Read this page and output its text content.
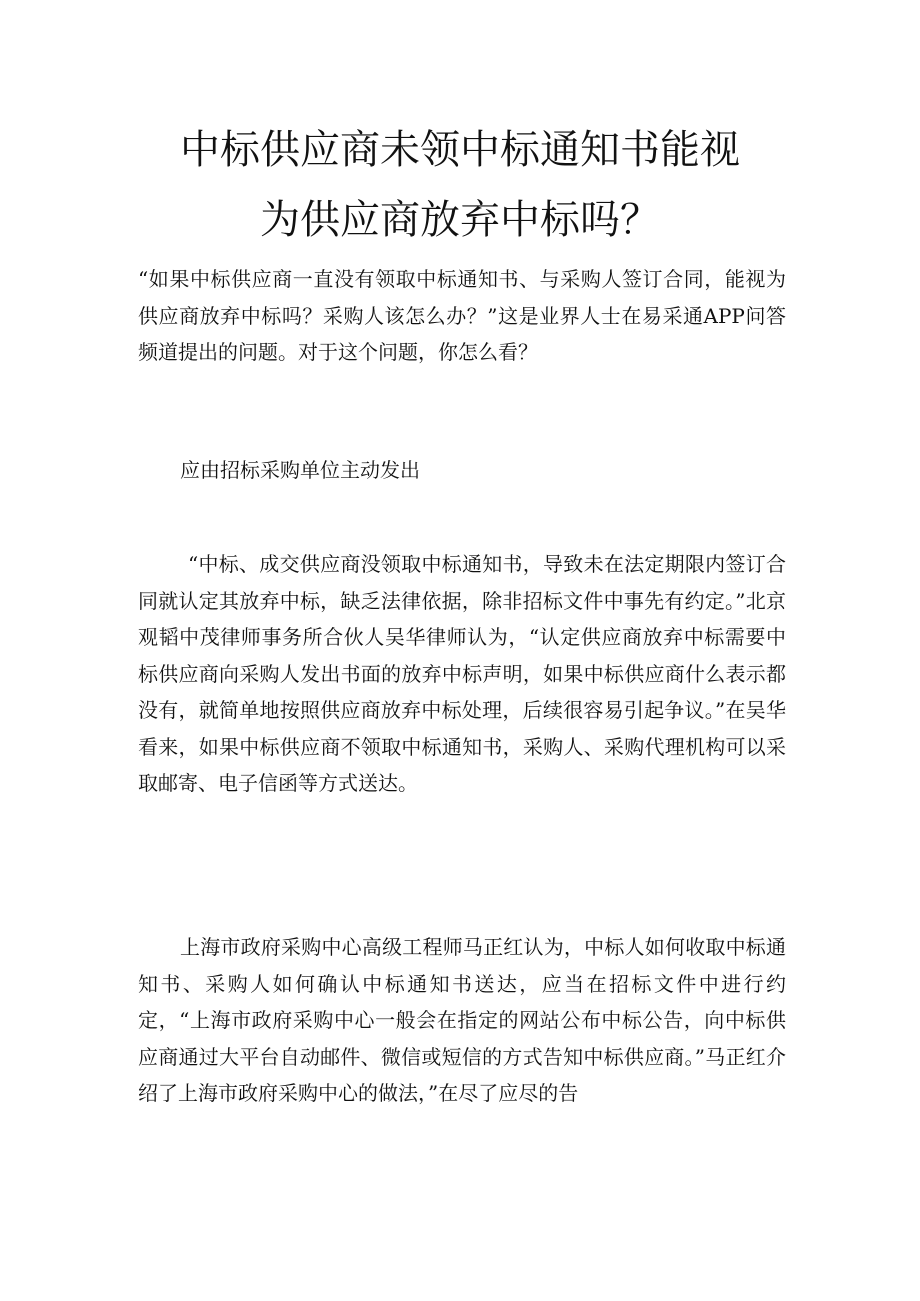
中标供应商未领中标通知书能视
为供应商放弃中标吗？

“如果中标供应商一直没有领取中标通知书、与采购人签订合同，能视为供应商放弃中标吗？采购人该怎么办？”这是业界人士在易采通APP问答频道提出的问题。对于这个问题，你怎么看？

应由招标采购单位主动发出

“中标、成交供应商没领取中标通知书，导致未在法定期限内签订合同就认定其放弃中标，缺乏法律依据，除非招标文件中事先有约定。”北京观韬中茂律师事务所合伙人吴华律师认为，“认定供应商放弃中标需要中标供应商向采购人发出书面的放弃中标声明，如果中标供应商什么表示都没有，就简单地按照供应商放弃中标处理，后续很容易引起争议。”在吴华看来，如果中标供应商不领取中标通知书，采购人、采购代理机构可以采取邮寄、电子信函等方式送达。

上海市政府采购中心高级工程师马正红认为，中标人如何收取中标通知书、采购人如何确认中标通知书送达，应当在招标文件中进行约定，“上海市政府采购中心一般会在指定的网站公布中标公告，向中标供应商通过大平台自动邮件、微信或短信的方式告知中标供应商。”马正红介绍了上海市政府采购中心的做法，”在尽了应尽的告
